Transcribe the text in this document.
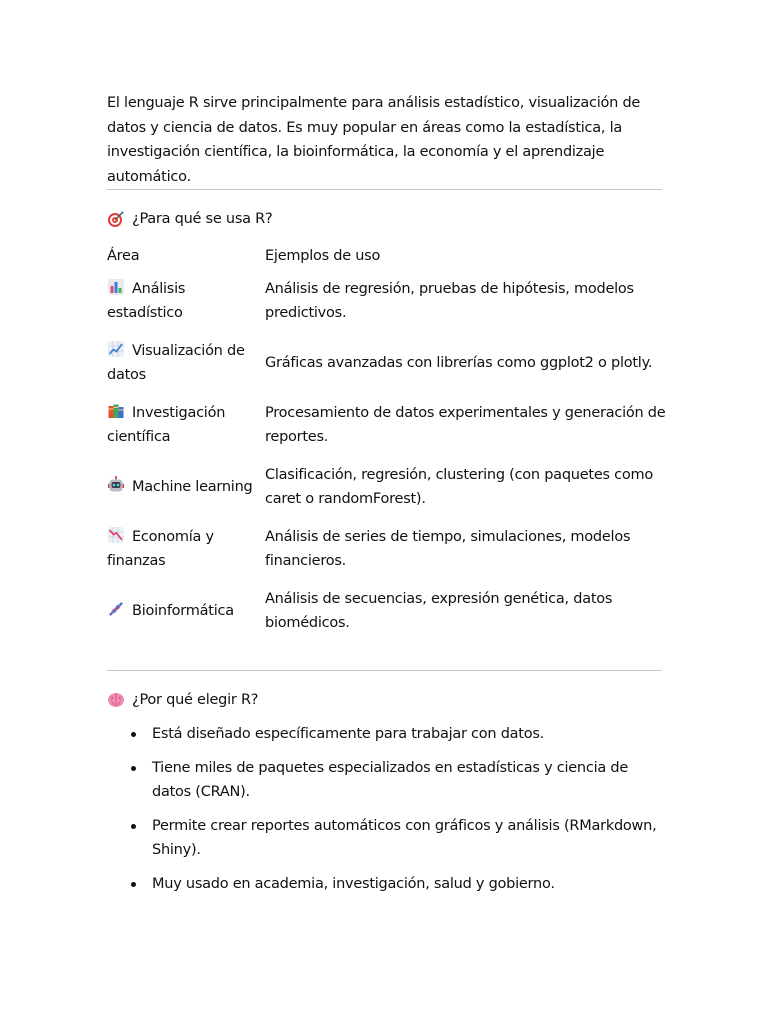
El lenguaje R sirve principalmente para análisis estadístico, visualización de datos y ciencia de datos. Es muy popular en áreas como la estadística, la investigación científica, la bioinformática, la economía y el aprendizaje automático.

¿Para qué se usa R?
Área	Ejemplos de uso

Análisis estadístico	Análisis de regresión, pruebas de hipótesis, modelos predictivos.

Visualización de datos	Gráficas avanzadas con librerías como ggplot2 o plotly.

Investigación científica	Procesamiento de datos experimentales y generación de reportes.

Machine learning	Clasificación, regresión, clustering (con paquetes como caret o randomForest).

Economía y finanzas	Análisis de series de tiempo, simulaciones, modelos financieros.

Bioinformática	Análisis de secuencias, expresión genética, datos biomédicos.
¿Por qué elegir R?
Está diseñado específicamente para trabajar con datos.
Tiene miles de paquetes especializados en estadísticas y ciencia de datos (CRAN).
Permite crear reportes automáticos con gráficos y análisis (RMarkdown, Shiny).
Muy usado en academia, investigación, salud y gobierno.
